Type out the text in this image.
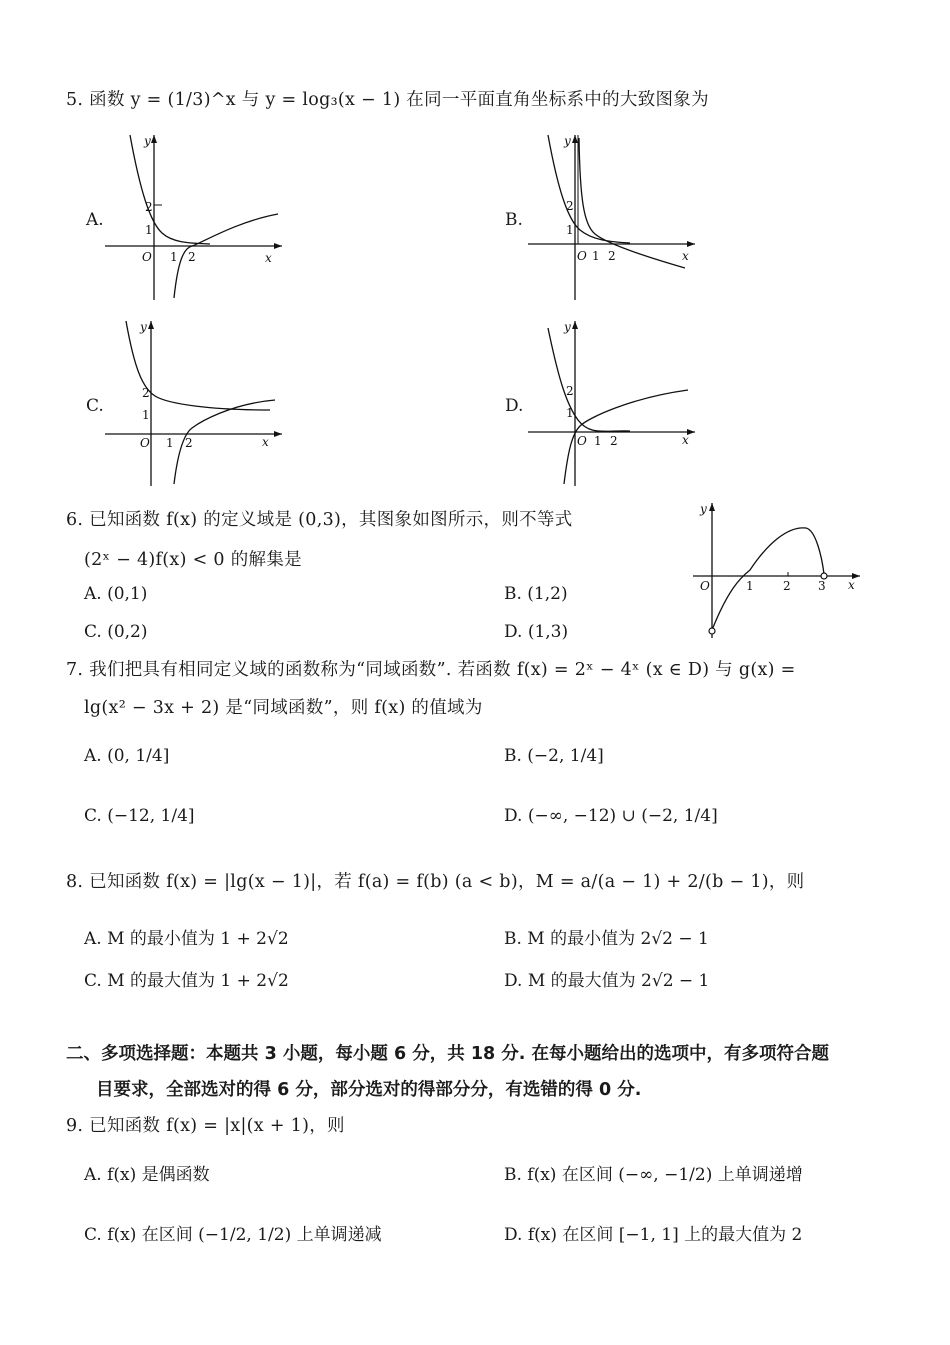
5. 函数 y = (1/3)^x 与 y = log₃(x − 1) 在同一平面直角坐标系中的大致图象为
A.
y
x
O 1 2
2
1	B.
y
x
O 1 2
2
1
C.
y
x
O 1 2
2
1	D.
y
x
O 1 2
2
1
6. 已知函数 f(x) 的定义域是 (0,3)，其图象如图所示，则不等式
(2ˣ − 4)f(x) < 0 的解集是
A. (0,1)	B. (1,2)
C. (0,2)	D. (1,3)
y
x
O	1 2 3
7. 我们把具有相同定义域的函数称为“同域函数”. 若函数 f(x) = 2ˣ − 4ˣ (x ∈ D) 与 g(x) =
lg(x² − 3x + 2) 是“同域函数”，则 f(x) 的值域为
A. (0, 1/4]	B. (−2, 1/4]
C. (−12, 1/4]	D. (−∞, −12) ∪ (−2, 1/4]
8. 已知函数 f(x) = |lg(x − 1)|，若 f(a) = f(b) (a < b)，M = a/(a − 1) + 2/(b − 1)，则
A. M 的最小值为 1 + 2√2	B. M 的最小值为 2√2 − 1
C. M 的最大值为 1 + 2√2	D. M 的最大值为 2√2 − 1
二、多项选择题：本题共 3 小题，每小题 6 分，共 18 分. 在每小题给出的选项中，有多项符合题
目要求，全部选对的得 6 分，部分选对的得部分分，有选错的得 0 分.
9. 已知函数 f(x) = |x|(x + 1)，则
A. f(x) 是偶函数	B. f(x) 在区间 (−∞, −1/2) 上单调递增
C. f(x) 在区间 (−1/2, 1/2) 上单调递减	D. f(x) 在区间 [−1, 1] 上的最大值为 2
